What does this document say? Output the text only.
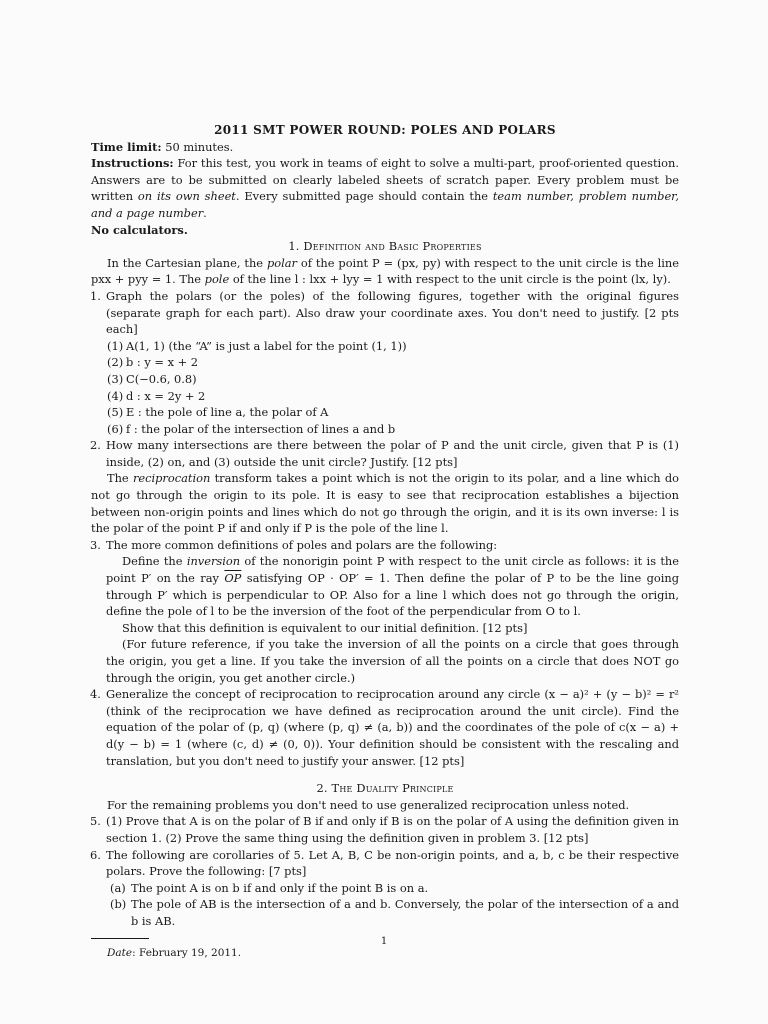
2011 SMT POWER ROUND: POLES AND POLARS

Time limit: 50 minutes.

Instructions: For this test, you work in teams of eight to solve a multi-part, proof-oriented question. Answers are to be submitted on clearly labeled sheets of scratch paper. Every problem must be written on its own sheet. Every submitted page should contain the team number, problem number, and a page number.

No calculators.

1. Definition and Basic Properties

In the Cartesian plane, the polar of the point P = (px, py) with respect to the unit circle is the line pxx + pyy = 1. The pole of the line l : lxx + lyy = 1 with respect to the unit circle is the point (lx, ly).

1. Graph the polars (or the poles) of the following figures, together with the original figures (separate graph for each part). Also draw your coordinate axes. You don't need to justify. [2 pts each]

(1) A(1, 1) (the “A” is just a label for the point (1, 1))
(2) b : y = x + 2
(3) C(−0.6, 0.8)
(4) d : x = 2y + 2
(5) E : the pole of line a, the polar of A
(6) f : the polar of the intersection of lines a and b
2. How many intersections are there between the polar of P and the unit circle, given that P is (1) inside, (2) on, and (3) outside the unit circle? Justify. [12 pts]

The reciprocation transform takes a point which is not the origin to its polar, and a line which do not go through the origin to its pole. It is easy to see that reciprocation establishes a bijection between non-origin points and lines which do not go through the origin, and it is its own inverse: l is the polar of the point P if and only if P is the pole of the line l.

3. The more common definitions of poles and polars are the following:

Define the inversion of the nonorigin point P with respect to the unit circle as follows: it is the point P′ on the ray $\overline{OP}$ satisfying OP · OP′ = 1. Then define the polar of P to be the line going through P′ which is perpendicular to OP. Also for a line l which does not go through the origin, define the pole of l to be the inversion of the foot of the perpendicular from O to l.

Show that this definition is equivalent to our initial definition. [12 pts]

(For future reference, if you take the inversion of all the points on a circle that goes through the origin, you get a line. If you take the inversion of all the points on a circle that does NOT go through the origin, you get another circle.)

4. Generalize the concept of reciprocation to reciprocation around any circle (x − a)² + (y − b)² = r² (think of the reciprocation we have defined as reciprocation around the unit circle). Find the equation of the polar of (p, q) (where (p, q) ≠ (a, b)) and the coordinates of the pole of c(x − a) + d(y − b) = 1 (where (c, d) ≠ (0, 0)). Your definition should be consistent with the rescaling and translation, but you don't need to justify your answer. [12 pts]

2. The Duality Principle

For the remaining problems you don't need to use generalized reciprocation unless noted.

5. (1) Prove that A is on the polar of B if and only if B is on the polar of A using the definition given in section 1. (2) Prove the same thing using the definition given in problem 3. [12 pts]

6. The following are corollaries of 5. Let A, B, C be non-origin points, and a, b, c be their respective polars. Prove the following: [7 pts]

(a) The point A is on b if and only if the point B is on a.
(b) The pole of AB is the intersection of a and b. Conversely, the polar of the intersection of a and b is AB.

Date: February 19, 2011.

1
